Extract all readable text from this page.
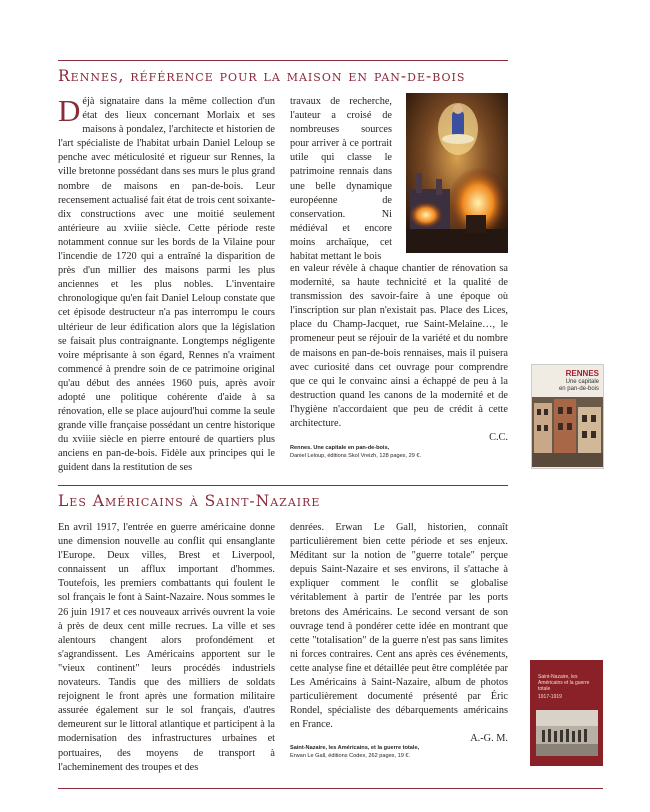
Rennes, référence pour la maison en pan-de-bois
D éjà signataire dans la même collection d'un état des lieux concernant Morlaix et ses maisons à pondalez, l'architecte et historien de l'art spécialiste de l'habitat urbain Daniel Leloup se penche avec méticulosité et rigueur sur Rennes, la ville bretonne possédant dans ses murs le plus grand nombre de maisons en pan-de-bois. Leur recensement actualisé fait état de trois cent soixante-dix constructions avec une moitié seulement antérieure au xviiie siècle. Cette période reste notamment connue sur les bords de la Vilaine pour l'incendie de 1720 qui a entraîné la disparition de près d'un millier des maisons parmi les plus anciennes et les plus nobles. L'inventaire chronologique qu'en fait Daniel Leloup constate que cet épisode destructeur n'a pas interrompu le cours ultérieur de leur édification alors que la législation se faisait plus contraignante. Longtemps négligente voire méprisante à son égard, Rennes n'a vraiment commencé à prendre soin de ce patrimoine original qu'au début des années 1960 puis, après avoir adopté une politique cohérente d'aide à sa rénovation, elle se place aujourd'hui comme la seule grande ville française possédant un centre historique du xviiie siècle en pierre entouré de quartiers plus anciens en pan-de-bois. Fidèle aux principes qui le guident dans la restitution de ses

travaux de recherche, l'auteur a croisé de nombreuses sources pour arriver à ce portrait utile qui classe le patrimoine rennais dans une belle dynamique européenne de conservation. Ni médiéval et encore moins archaïque, cet habitat mettant le bois

en valeur révèle à chaque chantier de rénovation sa modernité, sa haute technicité et la qualité de transmission des savoir-faire à une époque où l'inscription sur plan n'existait pas. Place des Lices, place du Champ-Jacquet, rue Saint-Melaine…, le promeneur peut se réjouir de la variété et du nombre de maisons en pan-de-bois rennaises, mais il puisera avec curiosité dans cet ouvrage pour comprendre que ce qui le convainc ainsi a échappé de peu à la destruction quand les canons de la modernité et de l'hygiène n'accordaient que peu de crédit à cette architecture.

C.C.

RENNES
Une capitale
en pan-de-bois
Rennes. Une capitale en pan-de-bois,
Daniel Leloup, éditions Skol Vreizh, 128 pages, 29 €.
Les Américains à Saint-Nazaire

En avril 1917, l'entrée en guerre américaine donne une dimension nouvelle au conflit qui ensanglante l'Europe. Deux villes, Brest et Liverpool, connaissent un afflux important d'hommes. Toutefois, les premiers combattants qui foulent le sol français le font à Saint-Nazaire. Nous sommes le 26 juin 1917 et ces nouveaux arrivés ouvrent la voie à près de deux cent mille recrues. La ville et ses alentours changent alors profondément et s'agrandissent. Les Américains apportent sur le "vieux continent" leurs procédés industriels novateurs. Tandis que des milliers de soldats rejoignent le front après une formation militaire assurée également sur le sol français, d'autres demeurent sur le littoral atlantique et participent à la modernisation des infrastructures urbaines et portuaires, des moyens de transport à l'acheminement des troupes et des

denrées. Erwan Le Gall, historien, connaît particulièrement bien cette période et ses enjeux. Méditant sur la notion de "guerre totale" perçue depuis Saint-Nazaire et ses environs, il s'attache à expliquer comment le conflit se globalise véritablement à partir de l'entrée par les ports bretons des Américains. Le second versant de son ouvrage tend à pondérer cette idée en montrant que cette "totalisation" de la guerre n'est pas sans limites ni forces contraires. Cent ans après ces événements, cette analyse fine et détaillée peut être complétée par Les Américains à Saint-Nazaire, album de photos particulièrement documenté présenté par Éric Rondel, spécialiste des débarquements américains en France.

A.-G. M.

Saint-Nazaire, les Américains et la guerre totale
1917-1919
Saint-Nazaire, les Américains, et la guerre totale,
Erwan Le Gall, éditions Codex, 262 pages, 19 €.
